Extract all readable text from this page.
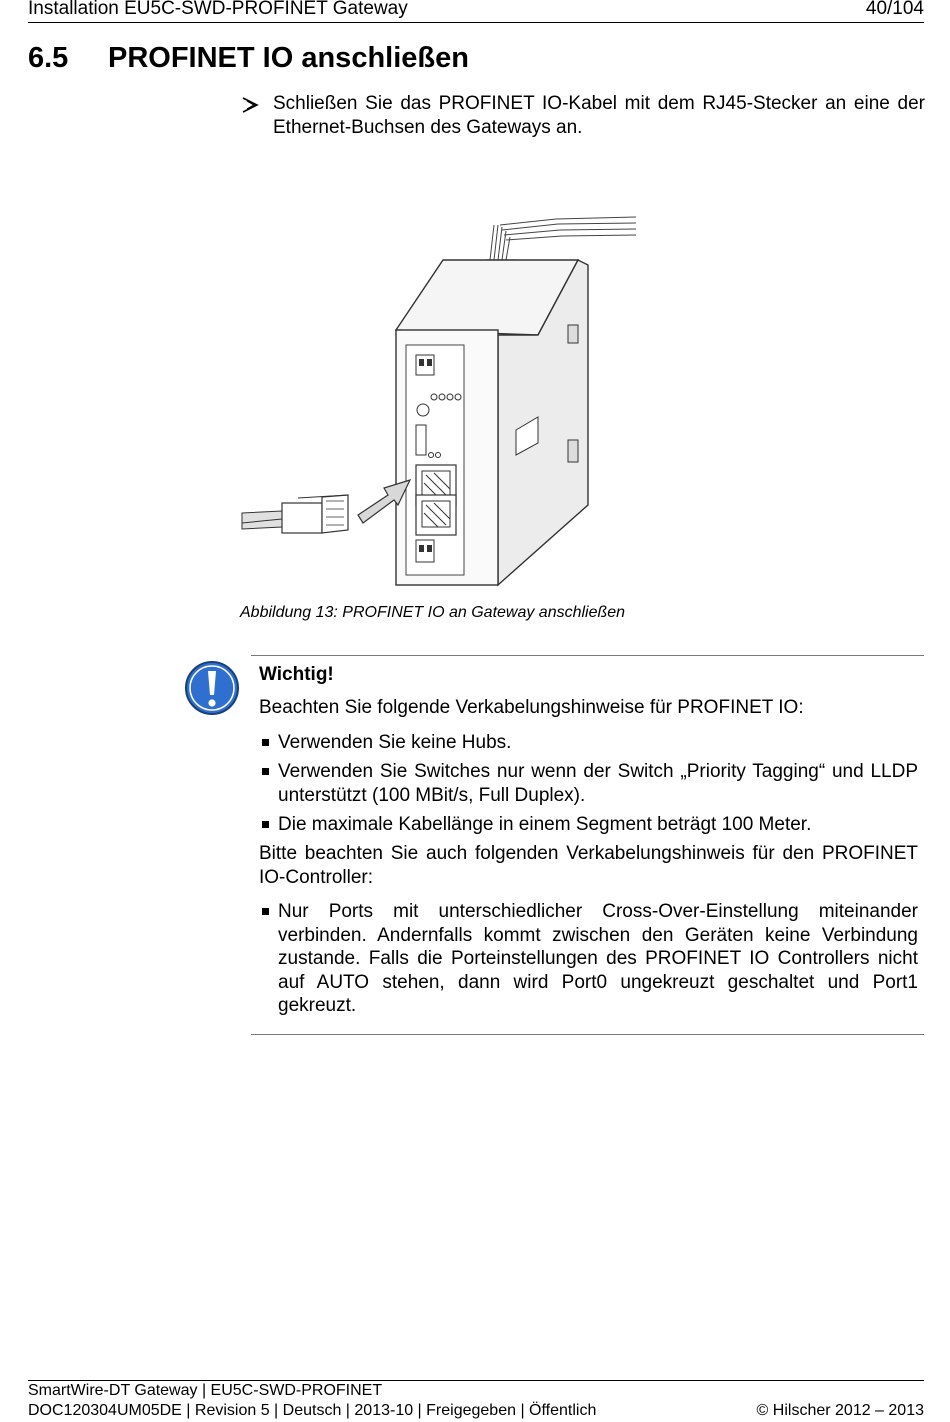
Installation EU5C-SWD-PROFINET Gateway	40/104
6.5 PROFINET IO anschließen
Schließen Sie das PROFINET IO-Kabel mit dem RJ45-Stecker an eine der Ethernet-Buchsen des Gateways an.
Abbildung 13: PROFINET IO an Gateway anschließen
Wichtig!
Beachten Sie folgende Verkabelungshinweise für PROFINET IO:
Verwenden Sie keine Hubs.
Verwenden Sie Switches nur wenn der Switch „Priority Tagging“ und LLDP unterstützt (100 MBit/s, Full Duplex).
Die maximale Kabellänge in einem Segment beträgt 100 Meter.
Bitte beachten Sie auch folgenden Verkabelungshinweis für den PROFINET IO-Controller:
Nur Ports mit unterschiedlicher Cross-Over-Einstellung miteinander verbinden. Andernfalls kommt zwischen den Geräten keine Verbindung zustande. Falls die Porteinstellungen des PROFINET IO Controllers nicht auf AUTO stehen, dann wird Port0 ungekreuzt geschaltet und Port1 gekreuzt.
SmartWire-DT Gateway | EU5C-SWD-PROFINET
DOC120304UM05DE | Revision 5 | Deutsch | 2013-10 | Freigegeben | Öffentlich	© Hilscher 2012 – 2013
